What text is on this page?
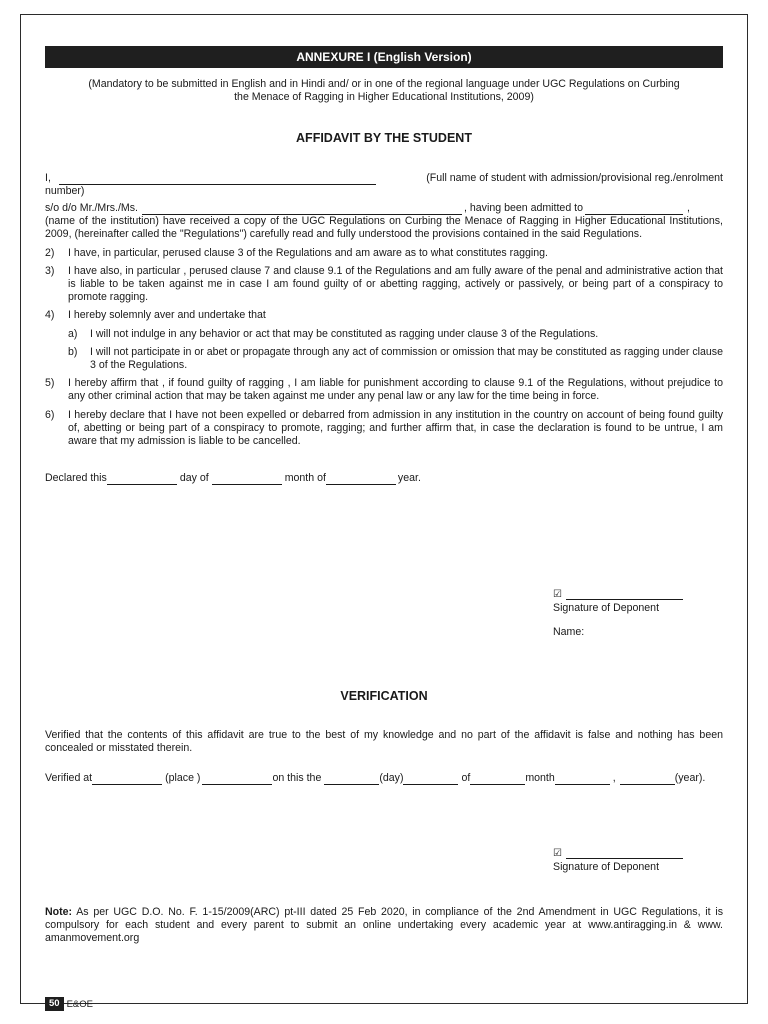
ANNEXURE I (English Version)
(Mandatory to be submitted in English and in Hindi and/ or in one of the regional language under UGC Regulations on Curbing the Menace of Ragging in Higher Educational Institutions, 2009)
AFFIDAVIT BY THE STUDENT
I,	(Full name of student with admission/provisional reg./enrolment
number)
s/o d/o Mr./Mrs./Ms.	, having been admitted to	,
(name of the institution) have received a copy of the UGC Regulations on Curbing the Menace of Ragging in Higher Educational Institutions, 2009, (hereinafter called the "Regulations") carefully read and fully understood the provisions contained in the said Regulations.
2)	I have, in particular, perused clause 3 of the Regulations and am aware as to what constitutes ragging.
3)	I have also, in particular , perused clause 7 and clause 9.1 of the Regulations and am fully aware of the penal and administrative action that is liable to be taken against me in case I am found guilty of or abetting ragging, actively or passively, or being part of a conspiracy to promote ragging.
4)	I hereby solemnly aver and undertake that
a)	I will not indulge in any behavior or act that may be constituted as ragging under clause 3 of the Regulations.
b)	I will not participate in or abet or propagate through any act of commission or omission that may be constituted as ragging under clause 3 of the Regulations.
5)	I hereby affirm that , if found guilty of ragging , I am liable for punishment according to clause 9.1 of the Regulations, without prejudice to any other criminal action that may be taken against me under any penal law or any law for the time being in force.
6)	I hereby declare that I have not been expelled or debarred from admission in any institution in the country on account of being found guilty of, abetting or being part of a conspiracy to promote, ragging; and further affirm that, in case the declaration is found to be untrue, I am aware that my admission is liable to be cancelled.
Declared this	day of	month of	year.
☑
Signature of Deponent
Name:
VERIFICATION
Verified that the contents of this affidavit are true to the best of my knowledge and no part of the affidavit is false and nothing has been concealed or misstated therein.
Verified at	(place )	on this the	(day)	of	month	,	(year).
☑
Signature of Deponent
Note: As per UGC D.O. No. F. 1-15/2009(ARC) pt-III dated 25 Feb 2020, in compliance of the 2nd Amendment in UGC Regulations, it is compulsory for each student and every parent to submit an online undertaking every academic year at www.antiragging.in & www. amanmovement.org
50 E&OE
